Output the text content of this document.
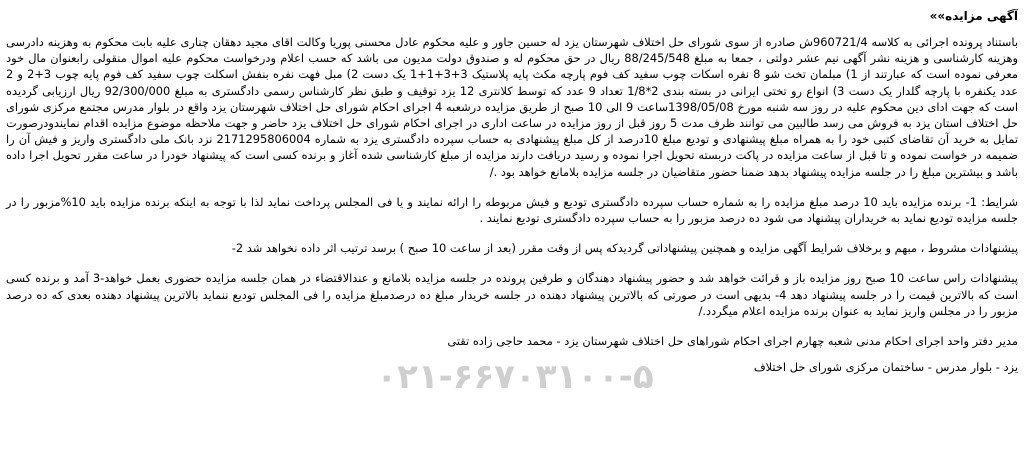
آگهی مزایده»»

باستناد پرونده اجرائی به کلاسه 960721/4ش صادره از سوی شورای حل اختلاف شهرستان یزد له حسین جاور و علیه محکوم عادل محسنی پوریا وکالت اقای مجید دهقان چناری علیه بابت محکوم به وهزینه دادرسی وهزینه کارشناسی و هزینه نشر آگهی نیم عشر دولتی ، جمعا به مبلغ 88/245/548 ریال در حق محکوم له و صندوق دولت مدیون می باشد که حسب اعلام ودرخواست محکوم علیه اموال منقولی رابعنوان مال خود معرفی نموده است که عبارتند از 1) مبلمان تخت شو 8 نفره اسکات چوب سفید کف فوم پارچه مکث پایه پلاستیک 3+3+1+1 یک دست 2) مبل فهت نفره بنفش اسکلت چوب سفید کف فوم پایه چوب 3+2 و 2 عدد یکنفره با پارچه گلدار یک دست 3) انواع رو تختی ایرانی در بسته بندی 2*1/8 تعداد 9 عدد که توسط کلانتری 12 یزد توقیف و طبق نظر کارشناس رسمی دادگستری به مبلغ 92/300/000 ریال ارزیابی گردیده است که جهت ادای دین محکوم علیه در روز سه شنبه مورخ 1398/05/08ساعت 9 الی 10 صبح از طریق مزایده درشعبه 4 اجرای احکام شورای حل اختلاف شهرستان یزد واقع در بلوار مدرس مجتمع مرکزی شورای حل اختلاف استان یزد به فروش می رسد طالبین می توانند ظرف مدت 5 روز قبل از روز مزایده در ساعت اداری در اجرای احکام شورای حل اختلاف یزد حاضر و جهت ملاحظه موضوع مزایده اقدام نمایندودرصورت تمایل به خرید آن تقاضای کتبی خود را به همراه مبلغ پیشنهادی و تودیع مبلغ 10درصد از کل مبلغ پیشنهادی به حساب سپرده دادگستری یزد به شماره 2171295806004 نزد بانک ملی دادگستری واریز و فیش آن را ضمیمه در خواست نموده و تا قبل از ساعت مزایده در پاکت دربسته تحویل اجرا نموده و رسید دریافت دارند مزایده از مبلغ کارشناسی شده آغاز و برنده کسی است که پیشنهاد خودرا در ساعت مقرر تحویل اجرا داده باشد و بیشترین مبلغ را در جلسه مزایده پیشنهاد بدهد ضمنا حضور متقاضیان در جلسه مزایده بلامانع خواهد بود ./

شرایط: 1- برنده مزایده باید 10 درصد مبلغ مزایده را به شماره حساب سپرده دادگستری تودیع و فیش مربوطه را ارائه نمایند و یا فی المجلس پرداخت نماید لذا با توجه به اینکه برنده مزایده باید 10%مزبور را در جلسه مزایده تودیع نماید به خریداران پیشنهاد می شود ده درصد مزبور را به حساب سپرده دادگستری تودیع نمایند .

پیشنهادات مشروط ، مبهم و برخلاف شرایط آگهی مزایده و همچنین پیشنهاداتی گردیدکه پس از وقت مقرر (بعد از ساعت 10 صبح ) برسد ترتیب اثر داده نخواهد شد 2-

پیشنهادات راس ساعت 10 صبح روز مزایده باز و قرائت خواهد شد و حضور پیشنهاد دهندگان و طرفین پرونده در جلسه مزایده بلامانع و عندالاقتضاء در همان جلسه مزایده حضوری بعمل خواهد-3 آمد و برنده کسی است که بالاترین قیمت را در جلسه پیشنهاد دهد 4- بدیهی است در صورتی که بالاترین پیشنهاد دهنده در جلسه خریدار مبلغ ده درصدمبلغ مزایده را فی المجلس تودیع ننماید بالاترین پیشنهاد دهنده بعدی که ده درصد مزبور را در مجلس واریز نماید به عنوان برنده مزایده اعلام میگردد./

مدیر دفتر واحد اجرای احکام مدنی شعبه چهارم اجرای احکام شوراهای حل اختلاف شهرستان یزد - محمد حاجی زاده تقتی

یزد - بلوار مدرس - ساختمان مرکزی شورای حل اختلاف

۰۲۱-۶۶۷۰۳۱۰۰-۵
